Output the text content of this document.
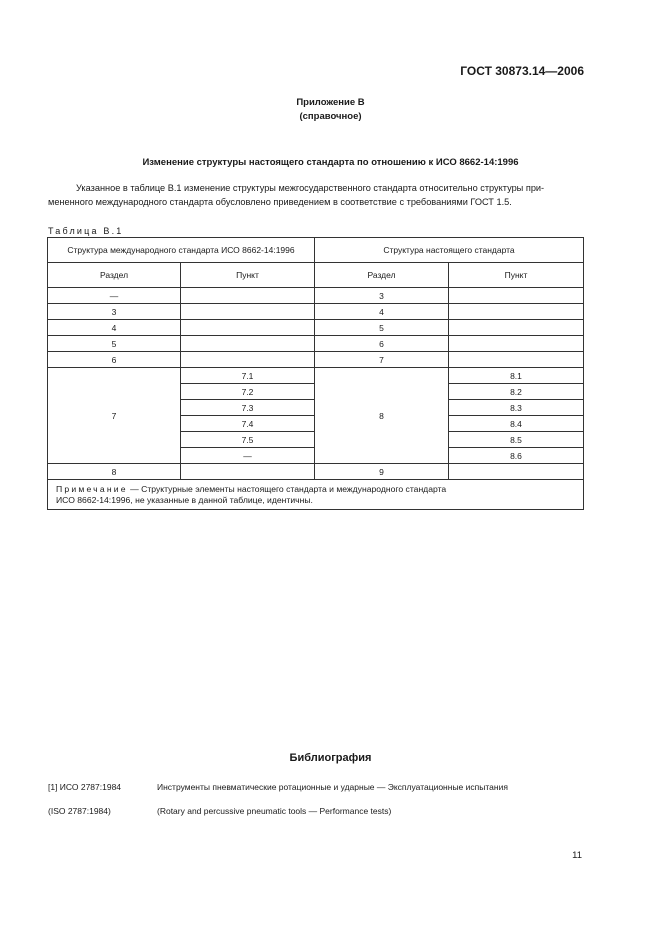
ГОСТ 30873.14—2006
Приложение В
(справочное)
Изменение структуры настоящего стандарта по отношению к ИСО 8662-14:1996

Указанное в таблице В.1 изменение структуры межгосударственного стандарта относительно структуры при-

мененного международного стандарта обусловлено приведением в соответствие с требованиями ГОСТ 1.5.
Таблица В.1
Структура международного стандарта ИСО 8662-14:1996		Структура настоящего стандарта	
Раздел	Пункт	Раздел	Пункт
—		3	
3		4	
4		5	
5		6	
6		7	
7	7.1	8	8.1
	7.2		8.2
	7.3		8.3
	7.4		8.4
	7.5		8.5
	—		8.6
8		9	
Примечание — Структурные элементы настоящего стандарта и международного стандарта
ИСО 8662-14:1996, не указанные в данной таблице, идентичны.			
Библиография
[1] ИСО 2787:1984	Инструменты пневматические ротационные и ударные — Эксплуатационные испытания
(ISO 2787:1984)	(Rotary and percussive pneumatic tools — Performance tests)
11
